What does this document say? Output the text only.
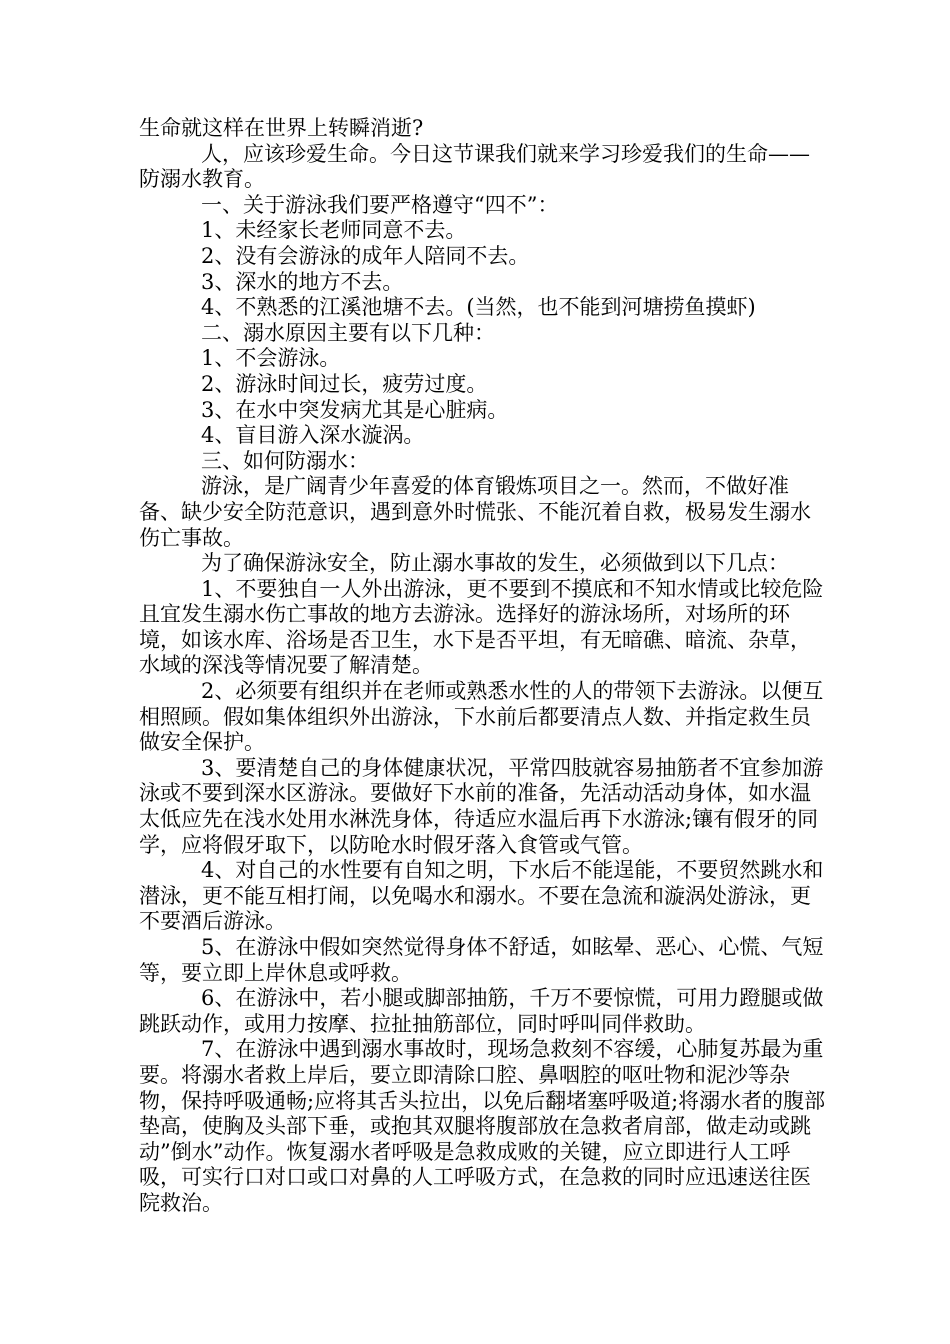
生命就这样在世界上转瞬消逝?

人，应该珍爱生命。今日这节课我们就来学习珍爱我们的生命——防溺水教育。

一、关于游泳我们要严格遵守“四不”：

1、未经家长老师同意不去。

2、没有会游泳的成年人陪同不去。

3、深水的地方不去。

4、不熟悉的江溪池塘不去。(当然，也不能到河塘捞鱼摸虾)

二、溺水原因主要有以下几种：

1、不会游泳。

2、游泳时间过长，疲劳过度。

3、在水中突发病尤其是心脏病。

4、盲目游入深水漩涡。

三、如何防溺水：

游泳，是广阔青少年喜爱的体育锻炼项目之一。然而，不做好准备、缺少安全防范意识，遇到意外时慌张、不能沉着自救，极易发生溺水伤亡事故。

为了确保游泳安全，防止溺水事故的发生，必须做到以下几点：

1、不要独自一人外出游泳，更不要到不摸底和不知水情或比较危险且宜发生溺水伤亡事故的地方去游泳。选择好的游泳场所，对场所的环境，如该水库、浴场是否卫生，水下是否平坦，有无暗礁、暗流、杂草，水域的深浅等情况要了解清楚。

2、必须要有组织并在老师或熟悉水性的人的带领下去游泳。以便互相照顾。假如集体组织外出游泳，下水前后都要清点人数、并指定救生员做安全保护。

3、要清楚自己的身体健康状况，平常四肢就容易抽筋者不宜参加游泳或不要到深水区游泳。要做好下水前的准备，先活动活动身体，如水温太低应先在浅水处用水淋洗身体，待适应水温后再下水游泳;镶有假牙的同学，应将假牙取下，以防呛水时假牙落入食管或气管。

4、对自己的水性要有自知之明，下水后不能逞能，不要贸然跳水和潜泳，更不能互相打闹，以免喝水和溺水。不要在急流和漩涡处游泳，更不要酒后游泳。

5、在游泳中假如突然觉得身体不舒适，如眩晕、恶心、心慌、气短等，要立即上岸休息或呼救。

6、在游泳中，若小腿或脚部抽筋，千万不要惊慌，可用力蹬腿或做跳跃动作，或用力按摩、拉扯抽筋部位，同时呼叫同伴救助。

7、在游泳中遇到溺水事故时，现场急救刻不容缓，心肺复苏最为重要。将溺水者救上岸后，要立即清除口腔、鼻咽腔的呕吐物和泥沙等杂物，保持呼吸通畅;应将其舌头拉出，以免后翻堵塞呼吸道;将溺水者的腹部垫高，使胸及头部下垂，或抱其双腿将腹部放在急救者肩部，做走动或跳动”倒水”动作。恢复溺水者呼吸是急救成败的关键，应立即进行人工呼吸，可实行口对口或口对鼻的人工呼吸方式，在急救的同时应迅速送往医院救治。
